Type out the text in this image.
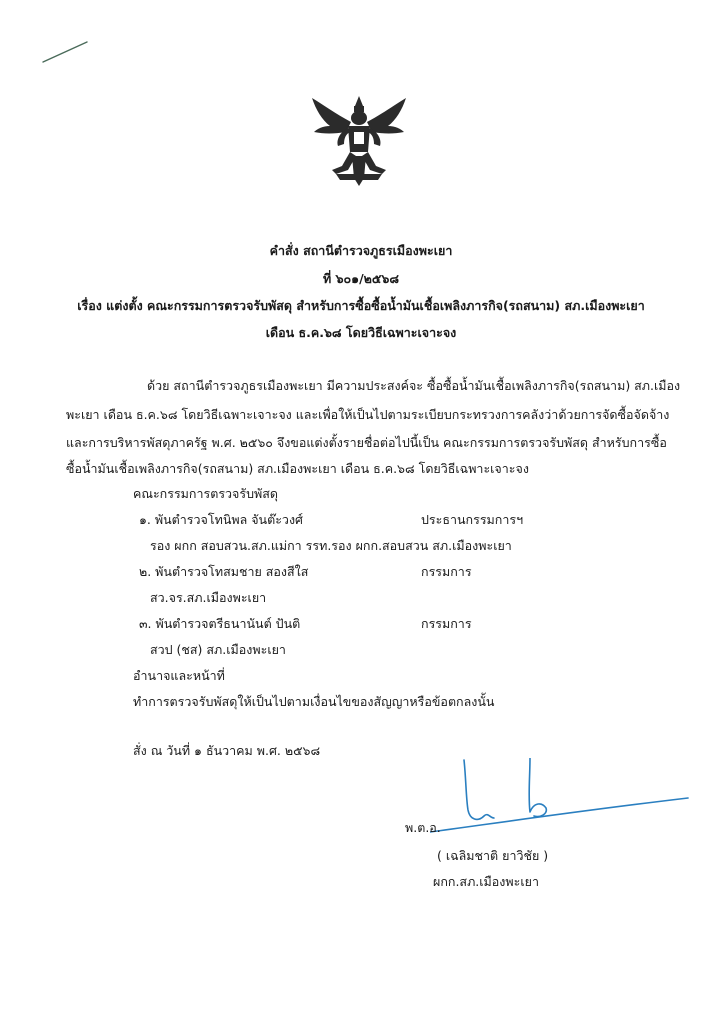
คำสั่ง สถานีตำรวจภูธรเมืองพะเยา
ที่ ๖๐๑/๒๕๖๘
เรื่อง แต่งตั้ง คณะกรรมการตรวจรับพัสดุ สำหรับการซื้อซื้อน้ำมันเชื้อเพลิงภารกิจ(รถสนาม) สภ.เมืองพะเยา
เดือน ธ.ค.๖๘ โดยวิธีเฉพาะเจาะจง
ด้วย สถานีตำรวจภูธรเมืองพะเยา มีความประสงค์จะ ซื้อซื้อน้ำมันเชื้อเพลิงภารกิจ(รถสนาม) สภ.เมือง
พะเยา เดือน ธ.ค.๖๘ โดยวิธีเฉพาะเจาะจง และเพื่อให้เป็นไปตามระเบียบกระทรวงการคลังว่าด้วยการจัดซื้อจัดจ้าง
และการบริหารพัสดุภาครัฐ พ.ศ. ๒๕๖๐ จึงขอแต่งตั้งรายชื่อต่อไปนี้เป็น คณะกรรมการตรวจรับพัสดุ สำหรับการซื้อ
ซื้อน้ำมันเชื้อเพลิงภารกิจ(รถสนาม) สภ.เมืองพะเยา เดือน ธ.ค.๖๘ โดยวิธีเฉพาะเจาะจง
คณะกรรมการตรวจรับพัสดุ
๑. พันตำรวจโทนิพล จันต๊ะวงศ์	ประธานกรรมการฯ
รอง ผกก สอบสวน.สภ.แม่กา รรท.รอง ผกก.สอบสวน สภ.เมืองพะเยา
๒. พันตำรวจโทสมชาย สองสีใส	กรรมการ
สว.จร.สภ.เมืองพะเยา
๓. พันตำรวจตรีธนานันต์ ปันติ	กรรมการ
สวป (ชส) สภ.เมืองพะเยา
อำนาจและหน้าที่
ทำการตรวจรับพัสดุให้เป็นไปตามเงื่อนไขของสัญญาหรือข้อตกลงนั้น
สั่ง ณ วันที่ ๑ ธันวาคม พ.ศ. ๒๕๖๘
พ.ต.อ.
( เฉลิมชาติ ยาวิชัย )
ผกก.สภ.เมืองพะเยา
